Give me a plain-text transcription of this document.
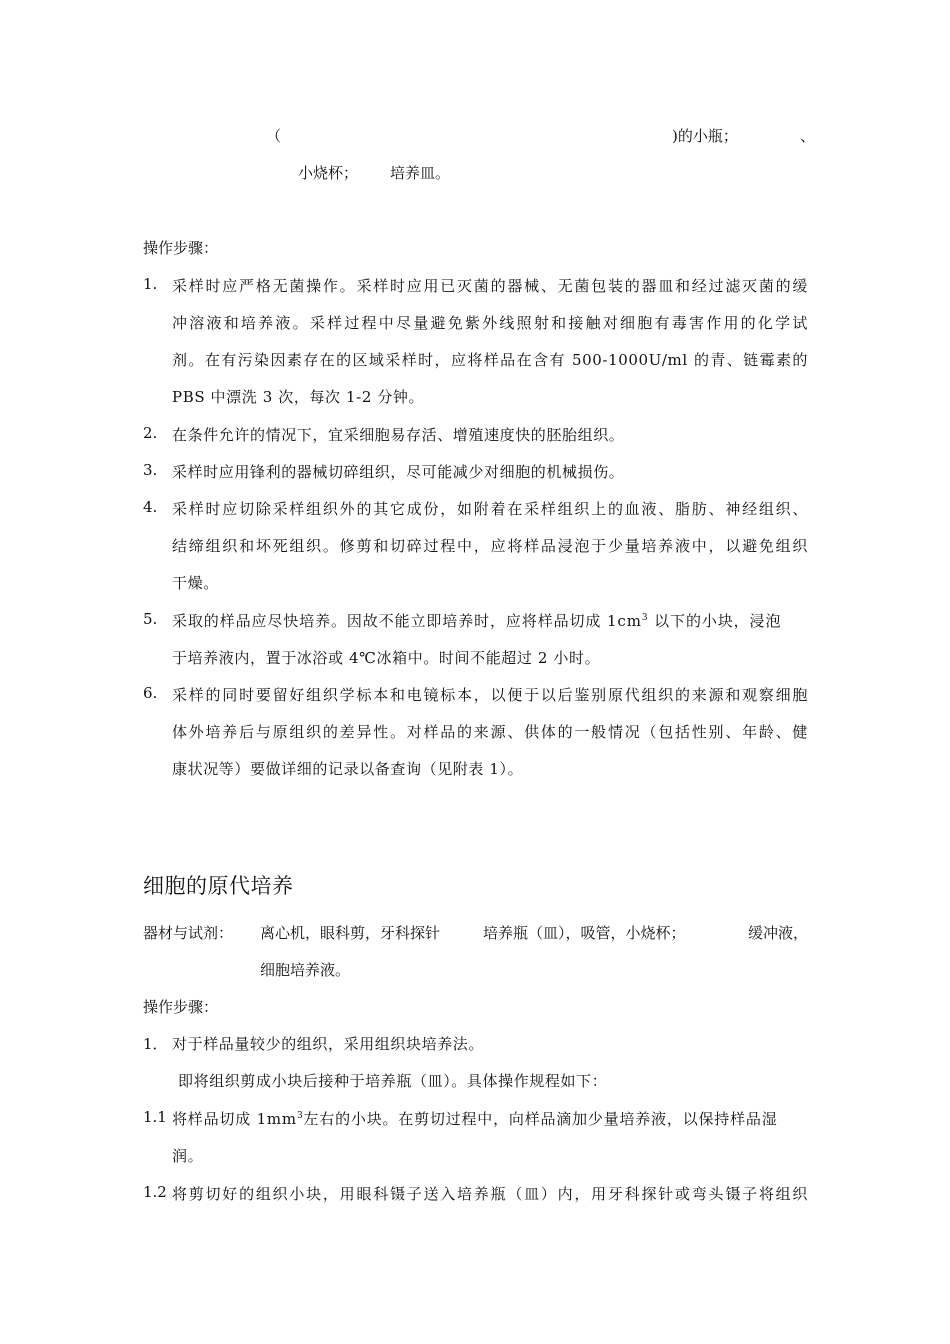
（	)的小瓶；	、
小烧杯； 培养皿。
操作步骤：
1. 采样时应严格无菌操作。采样时应用已灭菌的器械、无菌包装的器皿和经过滤灭菌的缓
冲溶液和培养液。采样过程中尽量避免紫外线照射和接触对细胞有毒害作用的化学试
剂。在有污染因素存在的区域采样时，应将样品在含有 500-1000U/ml 的青、链霉素的
PBS 中漂洗 3 次，每次 1-2 分钟。
2. 在条件允许的情况下，宜采细胞易存活、增殖速度快的胚胎组织。
3. 采样时应用锋利的器械切碎组织，尽可能减少对细胞的机械损伤。
4. 采样时应切除采样组织外的其它成份，如附着在采样组织上的血液、脂肪、神经组织、
结缔组织和坏死组织。修剪和切碎过程中，应将样品浸泡于少量培养液中，以避免组织
干燥。
5. 采取的样品应尽快培养。因故不能立即培养时，应将样品切成 $1cm^3$ 以下的小块，浸泡
于培养液内，置于冰浴或 4℃冰箱中。时间不能超过 2 小时。
6. 采样的同时要留好组织学标本和电镜标本，以便于以后鉴别原代组织的来源和观察细胞
体外培养后与原组织的差异性。对样品的来源、供体的一般情况（包括性别、年龄、健
康状况等）要做详细的记录以备查询（见附表 1）。
细胞的原代培养
器材与试剂： 离心机，眼科剪，牙科探针	培养瓶（皿），吸管，小烧杯；	缓冲液，
细胞培养液。
操作步骤：
1． 对于样品量较少的组织，采用组织块培养法。
即将组织剪成小块后接种于培养瓶（皿）。具体操作规程如下：
1.1 将样品切成 $1mm^3$左右的小块。在剪切过程中，向样品滴加少量培养液，以保持样品湿
润。
1.2 将剪切好的组织小块，用眼科镊子送入培养瓶（皿）内，用牙科探针或弯头镊子将组织
